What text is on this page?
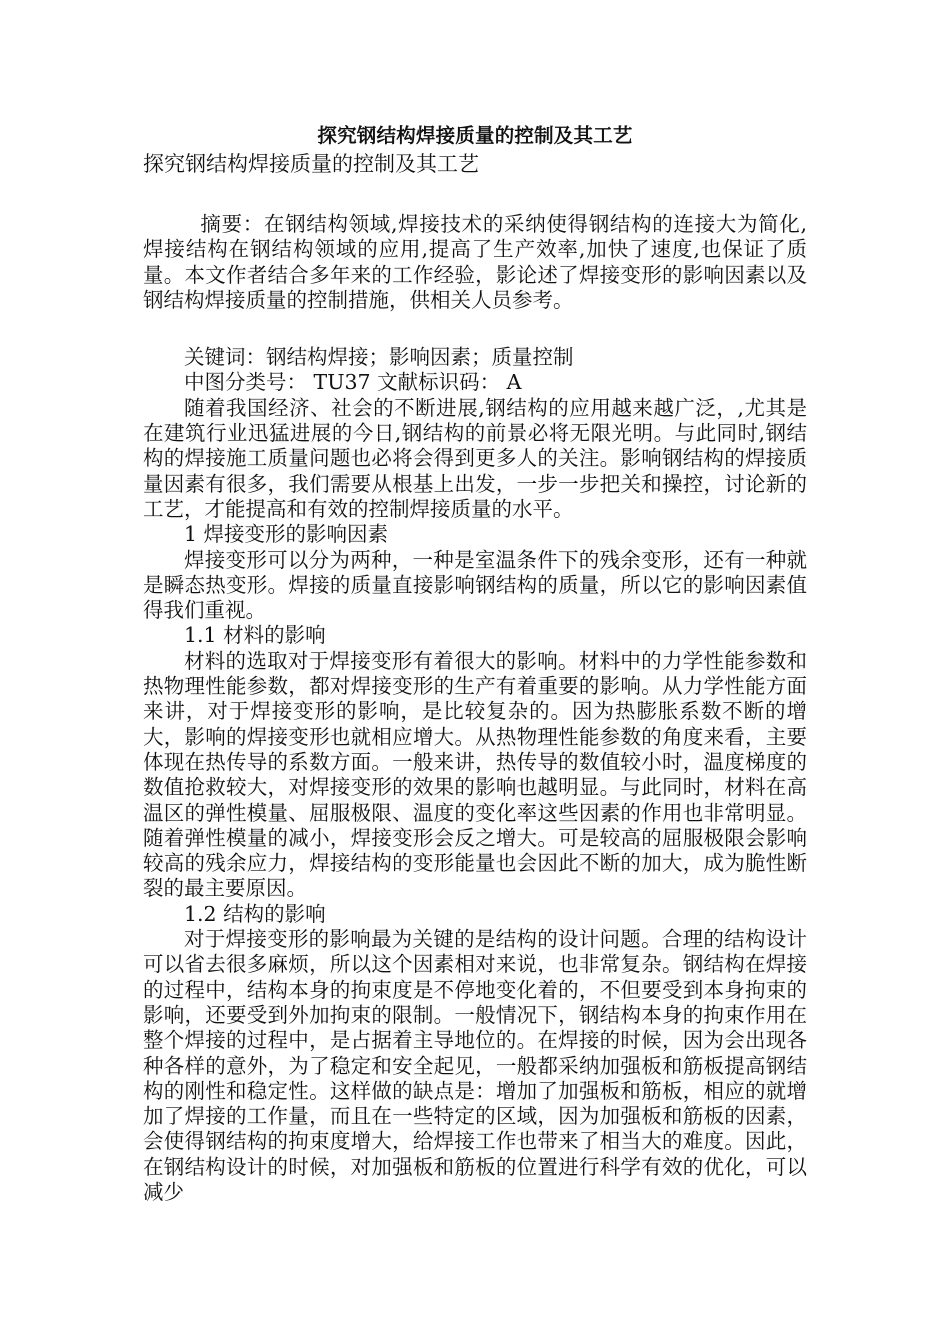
探究钢结构焊接质量的控制及其工艺

探究钢结构焊接质量的控制及其工艺

摘要：在钢结构领域,焊接技术的采纳使得钢结构的连接大为简化, 焊接结构在钢结构领域的应用,提高了生产效率,加快了速度,也保证了质量。本文作者结合多年来的工作经验，影论述了焊接变形的影响因素以及钢结构焊接质量的控制措施，供相关人员参考。

关键词：钢结构焊接；影响因素；质量控制

中图分类号： TU37 文献标识码： A

随着我国经济、社会的不断进展,钢结构的应用越来越广泛，,尤其是在建筑行业迅猛进展的今日,钢结构的前景必将无限光明。与此同时,钢结构的焊接施工质量问题也必将会得到更多人的关注。影响钢结构的焊接质量因素有很多，我们需要从根基上出发，一步一步把关和操控，讨论新的工艺，才能提高和有效的控制焊接质量的水平。

1 焊接变形的影响因素

焊接变形可以分为两种，一种是室温条件下的残余变形，还有一种就是瞬态热变形。焊接的质量直接影响钢结构的质量，所以它的影响因素值得我们重视。

1.1 材料的影响

材料的选取对于焊接变形有着很大的影响。材料中的力学性能参数和热物理性能参数，都对焊接变形的生产有着重要的影响。从力学性能方面来讲，对于焊接变形的影响，是比较复杂的。因为热膨胀系数不断的增大，影响的焊接变形也就相应增大。从热物理性能参数的角度来看，主要体现在热传导的系数方面。一般来讲，热传导的数值较小时，温度梯度的数值抢救较大，对焊接变形的效果的影响也越明显。与此同时，材料在高温区的弹性模量、屈服极限、温度的变化率这些因素的作用也非常明显。随着弹性模量的减小，焊接变形会反之增大。可是较高的屈服极限会影响较高的残余应力，焊接结构的变形能量也会因此不断的加大，成为脆性断裂的最主要原因。

1.2 结构的影响

对于焊接变形的影响最为关键的是结构的设计问题。合理的结构设计可以省去很多麻烦，所以这个因素相对来说，也非常复杂。钢结构在焊接的过程中，结构本身的拘束度是不停地变化着的，不但要受到本身拘束的影响，还要受到外加拘束的限制。一般情况下，钢结构本身的拘束作用在整个焊接的过程中，是占据着主导地位的。在焊接的时候，因为会出现各种各样的意外，为了稳定和安全起见，一般都采纳加强板和筋板提高钢结构的刚性和稳定性。这样做的缺点是：增加了加强板和筋板，相应的就增加了焊接的工作量，而且在一些特定的区域，因为加强板和筋板的因素，会使得钢结构的拘束度增大，给焊接工作也带来了相当大的难度。因此，在钢结构设计的时候，对加强板和筋板的位置进行科学有效的优化，可以减少
